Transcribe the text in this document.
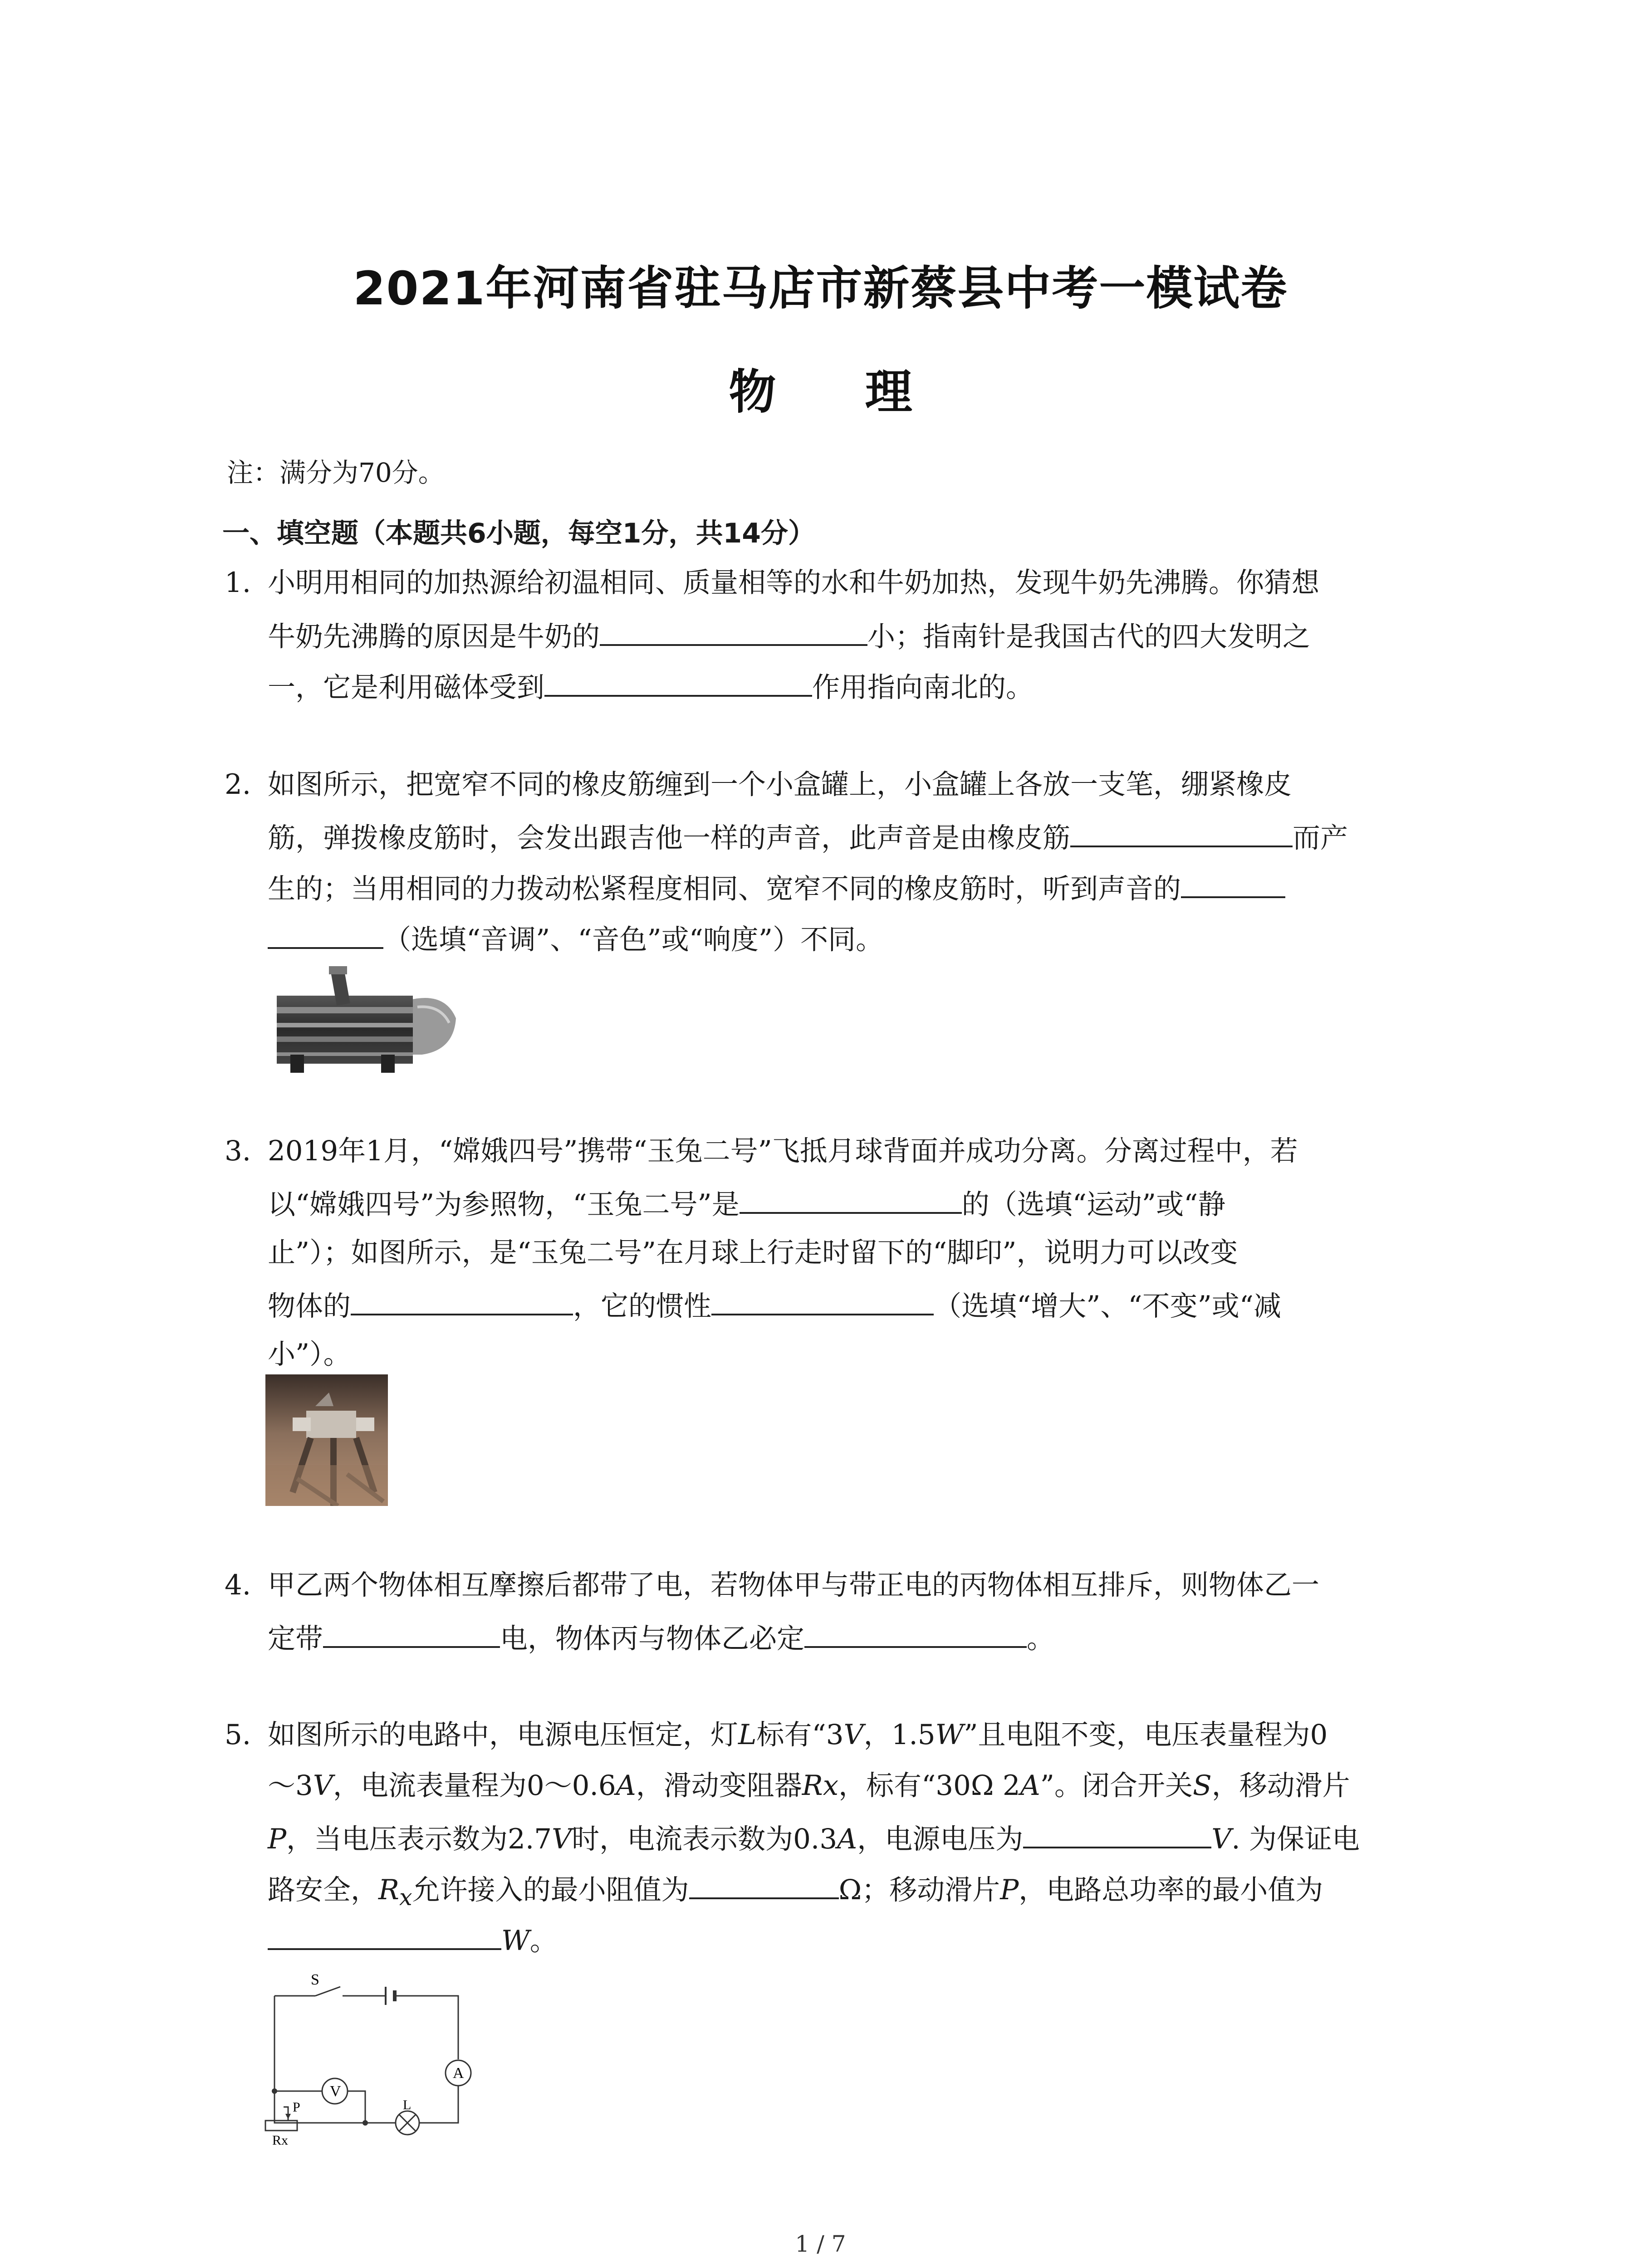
2021年河南省驻马店市新蔡县中考一模试卷
物 理
注：满分为70分。
一、填空题（本题共6小题，每空1分，共14分）
1. 小明用相同的加热源给初温相同、质量相等的水和牛奶加热，发现牛奶先沸腾。你猜想
牛奶先沸腾的原因是牛奶的	小；指南针是我国古代的四大发明之
一，它是利用磁体受到	作用指向南北的。
2. 如图所示，把宽窄不同的橡皮筋缠到一个小盒罐上，小盒罐上各放一支笔，绷紧橡皮
筋，弹拨橡皮筋时，会发出跟吉他一样的声音，此声音是由橡皮筋	而产
生的；当用相同的力拨动松紧程度相同、宽窄不同的橡皮筋时，听到声音的
（选填“音调”、“音色”或“响度”）不同。
3. 2019年1月，“嫦娥四号”携带“玉兔二号”飞抵月球背面并成功分离。分离过程中，若
以“嫦娥四号”为参照物，“玉兔二号”是	的（选填“运动”或“静
止”）；如图所示，是“玉兔二号”在月球上行走时留下的“脚印”，说明力可以改变
物体的	，它的惯性	（选填“增大”、“不变”或“减
小”）。
4. 甲乙两个物体相互摩擦后都带了电，若物体甲与带正电的丙物体相互排斥，则物体乙一
定带	电，物体丙与物体乙必定	。
5. 如图所示的电路中，电源电压恒定，灯L标有“3V，1.5W”且电阻不变，电压表量程为0
～3V，电流表量程为0～0.6A，滑动变阻器Rx，标有“30Ω 2A”。闭合开关S，移动滑片
P，当电压表示数为2.7V时，电流表示数为0.3A，电源电压为	V. 为保证电
路安全，$R_x$允许接入的最小阻值为	Ω；移动滑片P，电路总功率的最小值为
W。
S
V
A
P	L
Rx
1 / 7
